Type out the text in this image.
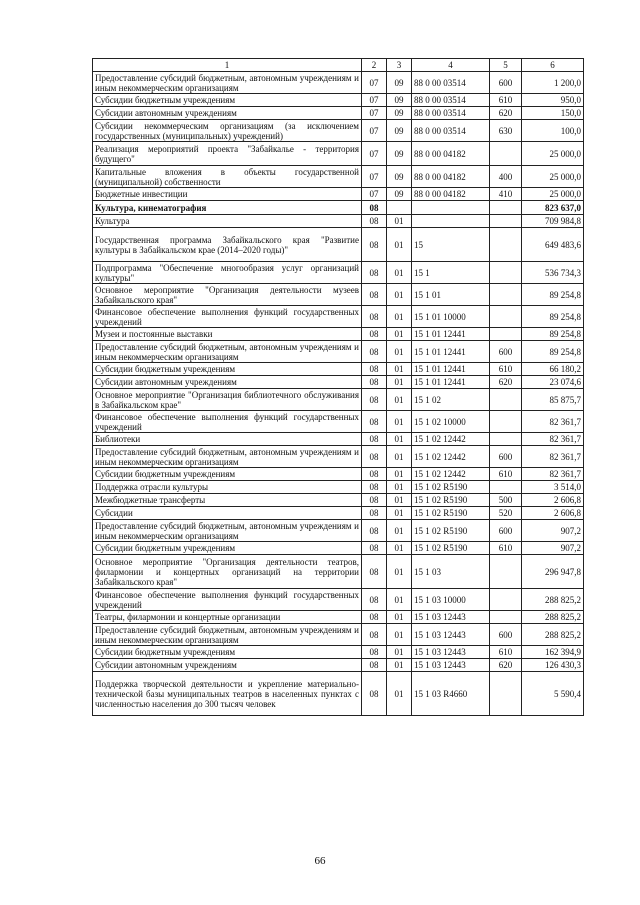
1	2	3	4	5	6
Предоставление субсидий бюджетным, автономным учреждениям и иным некоммерческим организациям	07	09	88 0 00 03514	600	1 200,0
Субсидии бюджетным учреждениям	07	09	88 0 00 03514	610	950,0
Субсидии автономным учреждениям	07	09	88 0 00 03514	620	150,0
Субсидии некоммерческим организациям (за исключением государственных (муниципальных) учреждений)	07	09	88 0 00 03514	630	100,0
Реализация мероприятий проекта "Забайкалье - территория будущего"	07	09	88 0 00 04182		25 000,0
Капитальные вложения в объекты государственной (муниципальной) собственности	07	09	88 0 00 04182	400	25 000,0
Бюджетные инвестиции	07	09	88 0 00 04182	410	25 000,0
Культура, кинематография	08				823 637,0
Культура	08	01			709 984,8
Государственная программа Забайкальского края "Развитие культуры в Забайкальском крае (2014–2020 годы)"	08	01	15		649 483,6
Подпрограмма "Обеспечение многообразия услуг организаций культуры"	08	01	15 1		536 734,3
Основное мероприятие "Организация деятельности музеев Забайкальского края"	08	01	15 1 01		89 254,8
Финансовое обеспечение выполнения функций государственных учреждений	08	01	15 1 01 10000		89 254,8
Музеи и постоянные выставки	08	01	15 1 01 12441		89 254,8
Предоставление субсидий бюджетным, автономным учреждениям и иным некоммерческим организациям	08	01	15 1 01 12441	600	89 254,8
Субсидии бюджетным учреждениям	08	01	15 1 01 12441	610	66 180,2
Субсидии автономным учреждениям	08	01	15 1 01 12441	620	23 074,6
Основное мероприятие "Организация библиотечного обслуживания в Забайкальском крае"	08	01	15 1 02		85 875,7
Финансовое обеспечение выполнения функций государственных учреждений	08	01	15 1 02 10000		82 361,7
Библиотеки	08	01	15 1 02 12442		82 361,7
Предоставление субсидий бюджетным, автономным учреждениям и иным некоммерческим организациям	08	01	15 1 02 12442	600	82 361,7
Субсидии бюджетным учреждениям	08	01	15 1 02 12442	610	82 361,7
Поддержка отрасли культуры	08	01	15 1 02 R5190		3 514,0
Межбюджетные трансферты	08	01	15 1 02 R5190	500	2 606,8
Субсидии	08	01	15 1 02 R5190	520	2 606,8
Предоставление субсидий бюджетным, автономным учреждениям и иным некоммерческим организациям	08	01	15 1 02 R5190	600	907,2
Субсидии бюджетным учреждениям	08	01	15 1 02 R5190	610	907,2
Основное мероприятие "Организация деятельности театров, филармонии и концертных организаций на территории Забайкальского края"	08	01	15 1 03		296 947,8
Финансовое обеспечение выполнения функций государственных учреждений	08	01	15 1 03 10000		288 825,2
Театры, филармонии и концертные организации	08	01	15 1 03 12443		288 825,2
Предоставление субсидий бюджетным, автономным учреждениям и иным некоммерческим организациям	08	01	15 1 03 12443	600	288 825,2
Субсидии бюджетным учреждениям	08	01	15 1 03 12443	610	162 394,9
Субсидии автономным учреждениям	08	01	15 1 03 12443	620	126 430,3
Поддержка творческой деятельности и укрепление материально-технической базы муниципальных театров в населенных пунктах с численностью населения до 300 тысяч человек	08	01	15 1 03 R4660		5 590,4
66
